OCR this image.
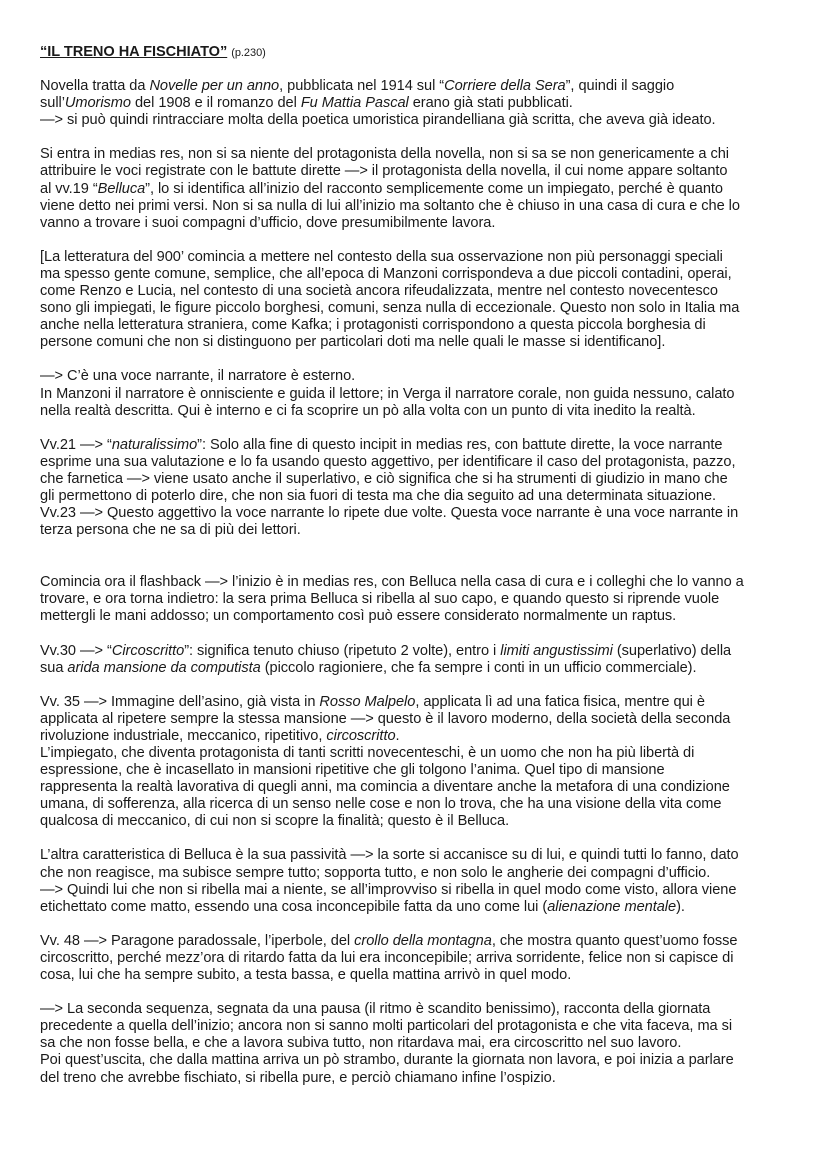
“IL TRENO HA FISCHIATO” (p.230)

Novella tratta da Novelle per un anno, pubblicata nel 1914 sul “Corriere della Sera”, quindi il saggio
sull’Umorismo del 1908 e il romanzo del Fu Mattia Pascal erano già stati pubblicati.
—> si può quindi rintracciare molta della poetica umoristica pirandelliana già scritta, che aveva già ideato.

Si entra in medias res, non si sa niente del protagonista della novella, non si sa se non genericamente a chi
attribuire le voci registrate con le battute dirette —> il protagonista della novella, il cui nome appare soltanto
al vv.19 “Belluca”, lo si identifica all’inizio del racconto semplicemente come un impiegato, perché è quanto
viene detto nei primi versi. Non si sa nulla di lui all’inizio ma soltanto che è chiuso in una casa di cura e che lo
vanno a trovare i suoi compagni d’ufficio, dove presumibilmente lavora.

[La letteratura del 900’ comincia a mettere nel contesto della sua osservazione non più personaggi speciali
ma spesso gente comune, semplice, che all’epoca di Manzoni corrispondeva a due piccoli contadini, operai,
come Renzo e Lucia, nel contesto di una società ancora rifeudalizzata, mentre nel contesto novecentesco
sono gli impiegati, le figure piccolo borghesi, comuni, senza nulla di eccezionale. Questo non solo in Italia ma
anche nella letteratura straniera, come Kafka; i protagonisti corrispondono a questa piccola borghesia di
persone comuni che non si distinguono per particolari doti ma nelle quali le masse si identificano].

—> C’è una voce narrante, il narratore è esterno.
In Manzoni il narratore è onnisciente e guida il lettore; in Verga il narratore corale, non guida nessuno, calato
nella realtà descritta. Qui è interno e ci fa scoprire un pò alla volta con un punto di vita inedito la realtà.

Vv.21 —> “naturalissimo”: Solo alla fine di questo incipit in medias res, con battute dirette, la voce narrante
esprime una sua valutazione e lo fa usando questo aggettivo, per identificare il caso del protagonista, pazzo,
che farnetica —> viene usato anche il superlativo, e ciò significa che si ha strumenti di giudizio in mano che
gli permettono di poterlo dire, che non sia fuori di testa ma che dia seguito ad una determinata situazione.
Vv.23 —> Questo aggettivo la voce narrante lo ripete due volte. Questa voce narrante è una voce narrante in
terza persona che ne sa di più dei lettori.

Comincia ora il flashback —> l’inizio è in medias res, con Belluca nella casa di cura e i colleghi che lo vanno a
trovare, e ora torna indietro: la sera prima Belluca si ribella al suo capo, e quando questo si riprende vuole
mettergli le mani addosso; un comportamento così può essere considerato normalmente un raptus.

Vv.30 —> “Circoscritto”: significa tenuto chiuso (ripetuto 2 volte), entro i limiti angustissimi (superlativo) della
sua arida mansione da computista (piccolo ragioniere, che fa sempre i conti in un ufficio commerciale).

Vv. 35 —> Immagine dell’asino, già vista in Rosso Malpelo, applicata lì ad una fatica fisica, mentre qui è
applicata al ripetere sempre la stessa mansione —> questo è il lavoro moderno, della società della seconda
rivoluzione industriale, meccanico, ripetitivo, circoscritto.
L’impiegato, che diventa protagonista di tanti scritti novecenteschi, è un uomo che non ha più libertà di
espressione, che è incasellato in mansioni ripetitive che gli tolgono l’anima. Quel tipo di mansione
rappresenta la realtà lavorativa di quegli anni, ma comincia a diventare anche la metafora di una condizione
umana, di sofferenza, alla ricerca di un senso nelle cose e non lo trova, che ha una visione della vita come
qualcosa di meccanico, di cui non si scopre la finalità; questo è il Belluca.

L’altra caratteristica di Belluca è la sua passività —> la sorte si accanisce su di lui, e quindi tutti lo fanno, dato
che non reagisce, ma subisce sempre tutto; sopporta tutto, e non solo le angherie dei compagni d’ufficio.
—> Quindi lui che non si ribella mai a niente, se all’improvviso si ribella in quel modo come visto, allora viene
etichettato come matto, essendo una cosa inconcepibile fatta da uno come lui (alienazione mentale).

Vv. 48 —> Paragone paradossale, l’iperbole, del crollo della montagna, che mostra quanto quest’uomo fosse
circoscritto, perché mezz’ora di ritardo fatta da lui era inconcepibile; arriva sorridente, felice non si capisce di
cosa, lui che ha sempre subito, a testa bassa, e quella mattina arrivò in quel modo.

—> La seconda sequenza, segnata da una pausa (il ritmo è scandito benissimo), racconta della giornata
precedente a quella dell’inizio; ancora non si sanno molti particolari del protagonista e che vita faceva, ma si
sa che non fosse bella, e che a lavora subiva tutto, non ritardava mai, era circoscritto nel suo lavoro.
Poi quest’uscita, che dalla mattina arriva un pò strambo, durante la giornata non lavora, e poi inizia a parlare
del treno che avrebbe fischiato, si ribella pure, e perciò chiamano infine l’ospizio.
